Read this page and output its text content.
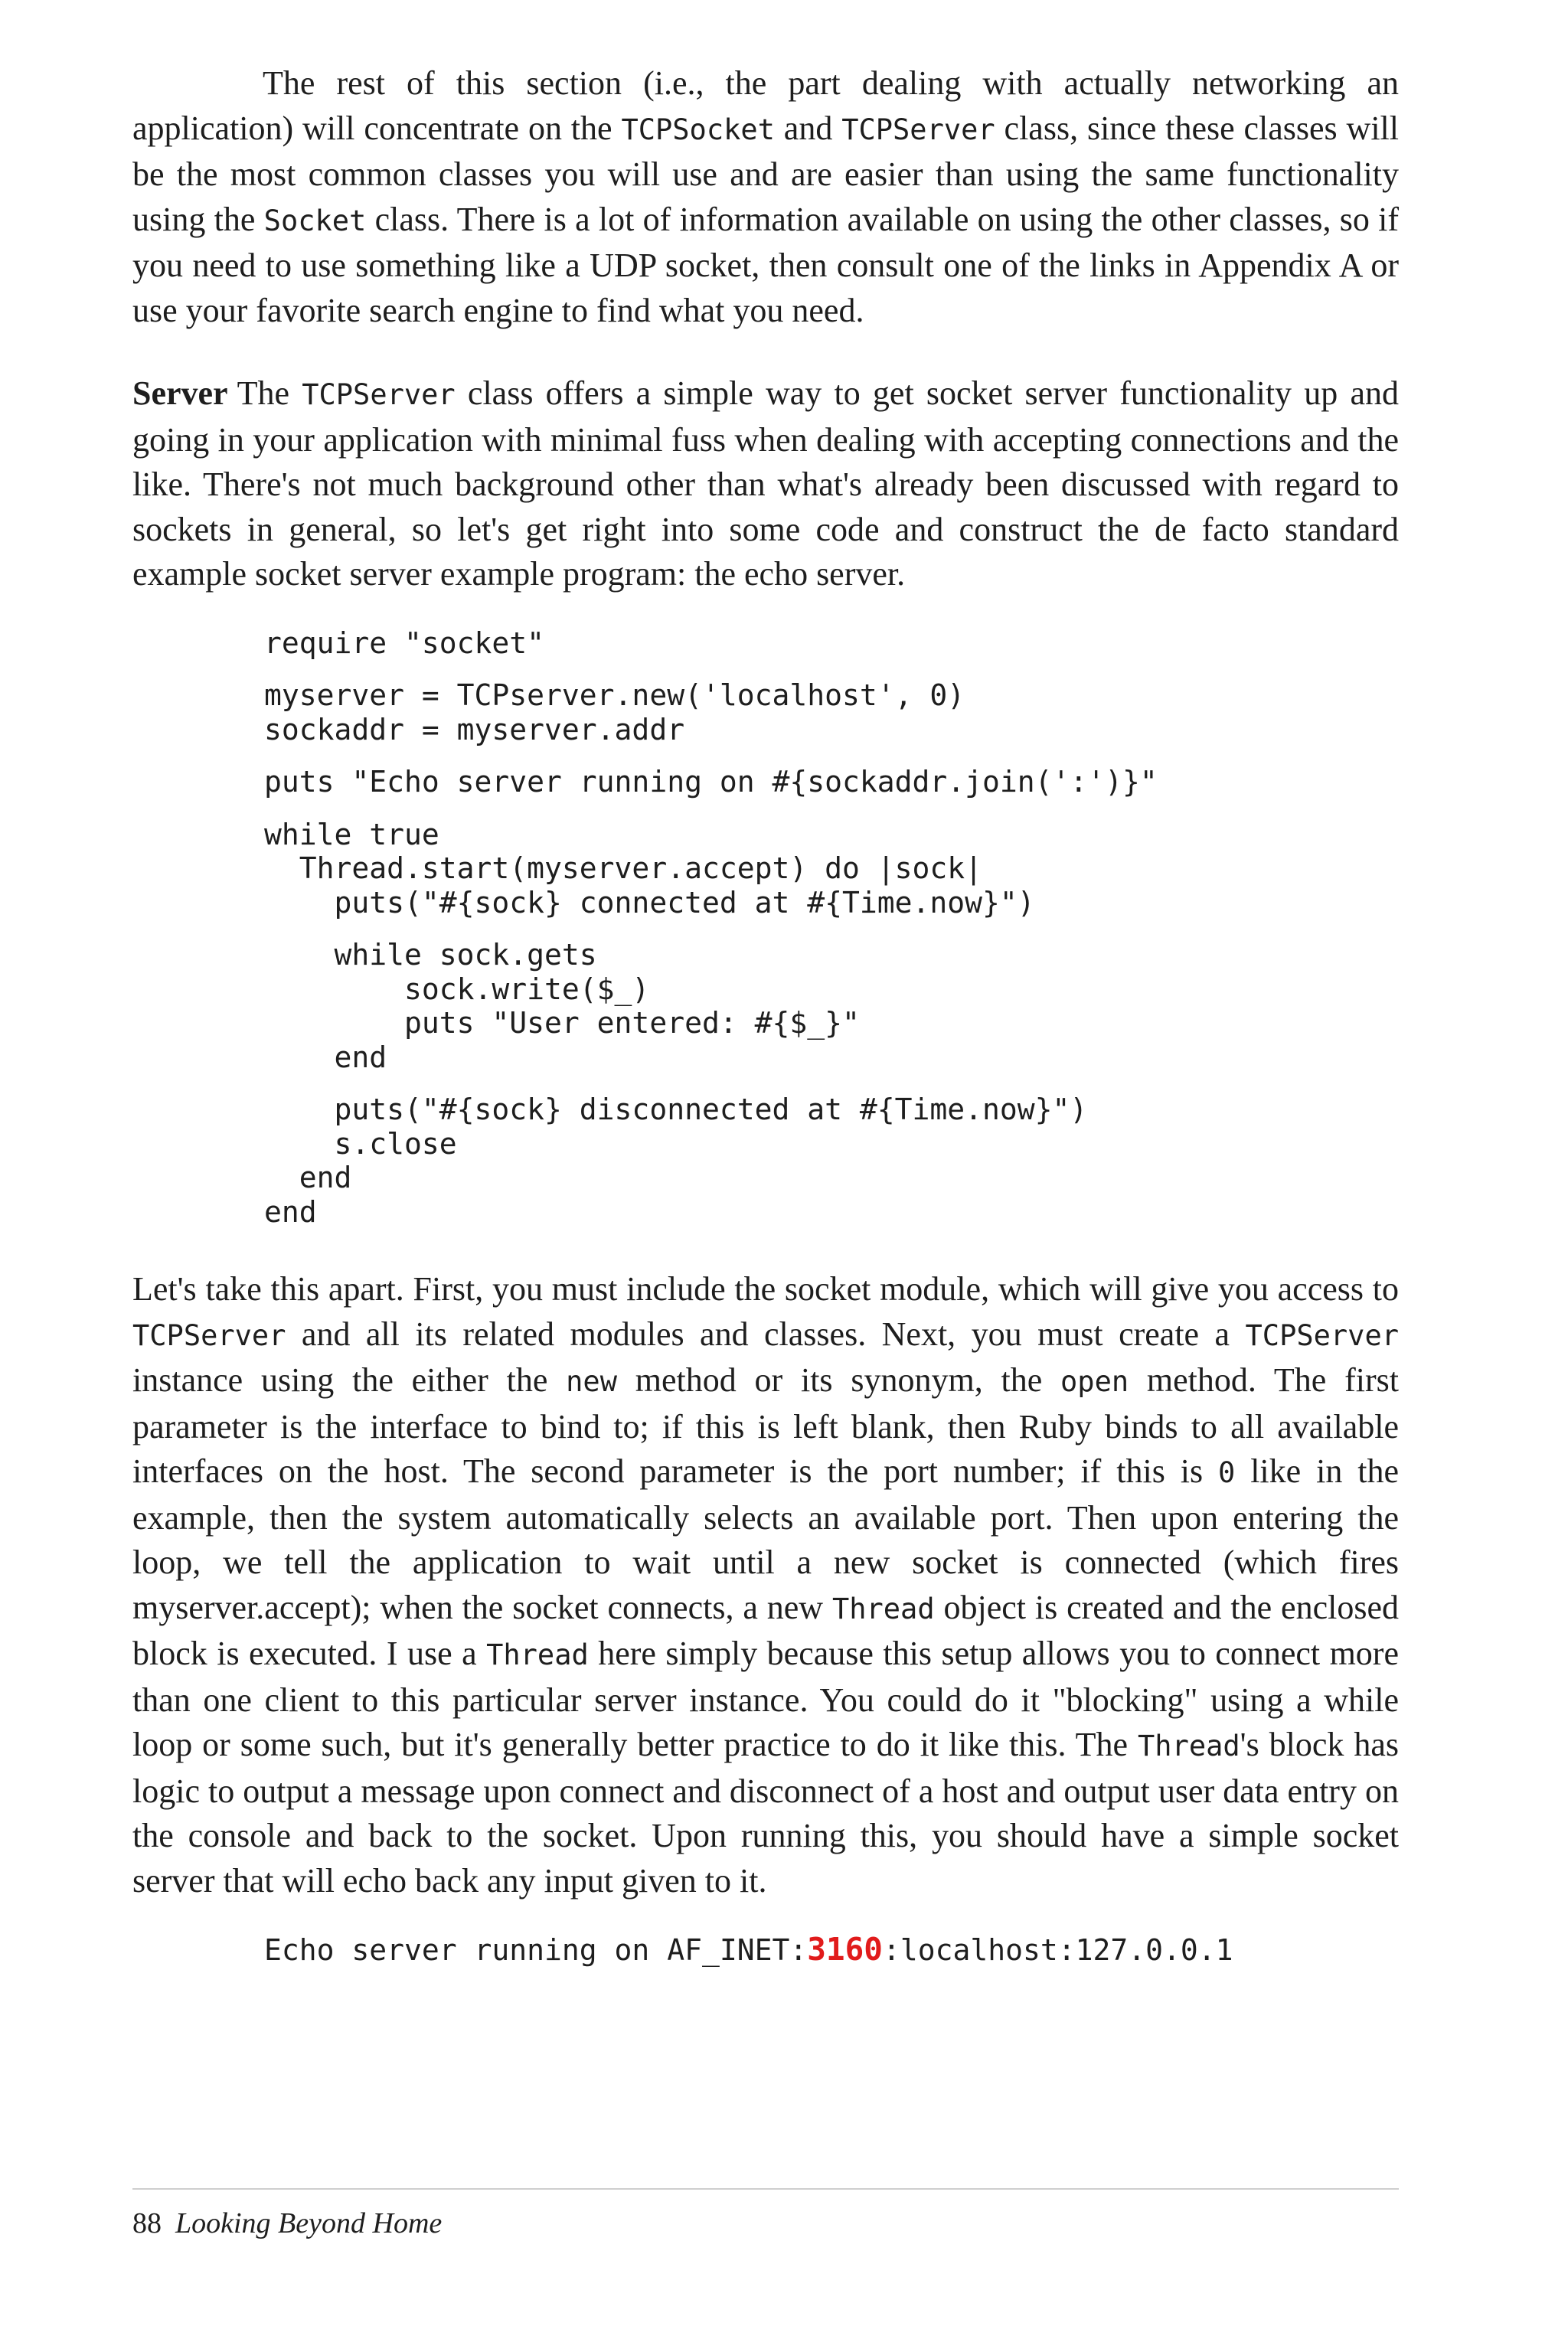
The rest of this section (i.e., the part dealing with actually networking an application) will concentrate on the TCPSocket and TCPServer class, since these classes will be the most common classes you will use and are easier than using the same functionality using the Socket class. There is a lot of information available on using the other classes, so if you need to use something like a UDP socket, then consult one of the links in Appendix A or use your favorite search engine to find what you need.

Server The TCPServer class offers a simple way to get socket server functionality up and going in your application with minimal fuss when dealing with accepting connections and the like. There's not much background other than what's already been discussed with regard to sockets in general, so let's get right into some code and construct the de facto standard example socket server example program: the echo server.

require "socket"
myserver = TCPserver.new('localhost', 0)
sockaddr = myserver.addr
puts "Echo server running on #{sockaddr.join(':')}"
while true
Thread.start(myserver.accept) do |sock|
puts("#{sock} connected at #{Time.now}")
while sock.gets
sock.write($_)
puts "User entered: #{$_}"
end
puts("#{sock} disconnected at #{Time.now}")
s.close
end
end

Let's take this apart. First, you must include the socket module, which will give you access to TCPServer and all its related modules and classes. Next, you must create a TCPServer instance using the either the new method or its synonym, the open method. The first parameter is the interface to bind to; if this is left blank, then Ruby binds to all available interfaces on the host. The second parameter is the port number; if this is 0 like in the example, then the system automatically selects an available port. Then upon entering the loop, we tell the application to wait until a new socket is connected (which fires myserver.accept); when the socket connects, a new Thread object is created and the enclosed block is executed. I use a Thread here simply because this setup allows you to connect more than one client to this particular server instance. You could do it "blocking" using a while loop or some such, but it's generally better practice to do it like this. The Thread's block has logic to output a message upon connect and disconnect of a host and output user data entry on the console and back to the socket. Upon running this, you should have a simple socket server that will echo back any input given to it.

Echo server running on AF_INET:3160:localhost:127.0.0.1
88 Looking Beyond Home
